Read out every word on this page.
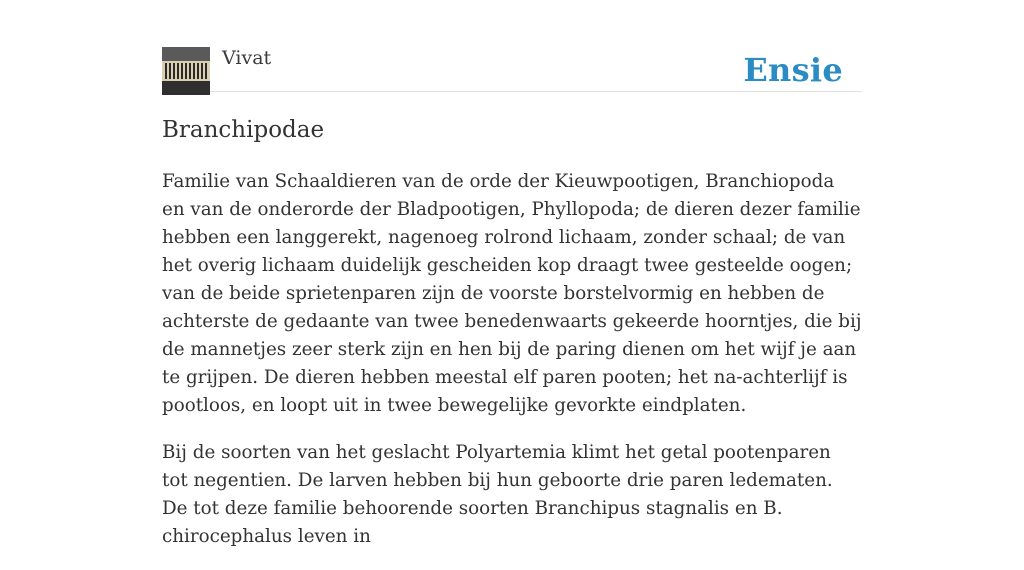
Vivat	Ensie
Branchipodae

Familie van Schaaldieren van de orde der Kieuwpootigen, Branchiopoda en van de onderorde der Bladpootigen, Phyllopoda; de dieren dezer familie hebben een langgerekt, nagenoeg rolrond lichaam, zonder schaal; de van het overig lichaam duidelijk gescheiden kop draagt twee gesteelde oogen; van de beide sprietenparen zijn de voorste borstelvormig en hebben de achterste de gedaante van twee benedenwaarts gekeerde hoorntjes, die bij de mannetjes zeer sterk zijn en hen bij de paring dienen om het wijf je aan te grijpen. De dieren hebben meestal elf paren pooten; het na-achterlijf is pootloos, en loopt uit in twee bewegelijke gevorkte eindplaten.

Bij de soorten van het geslacht Polyartemia klimt het getal pootenparen tot negentien. De larven hebben bij hun geboorte drie paren ledematen. De tot deze familie behoorende soorten Branchipus stagnalis en B. chirocephalus leven in
